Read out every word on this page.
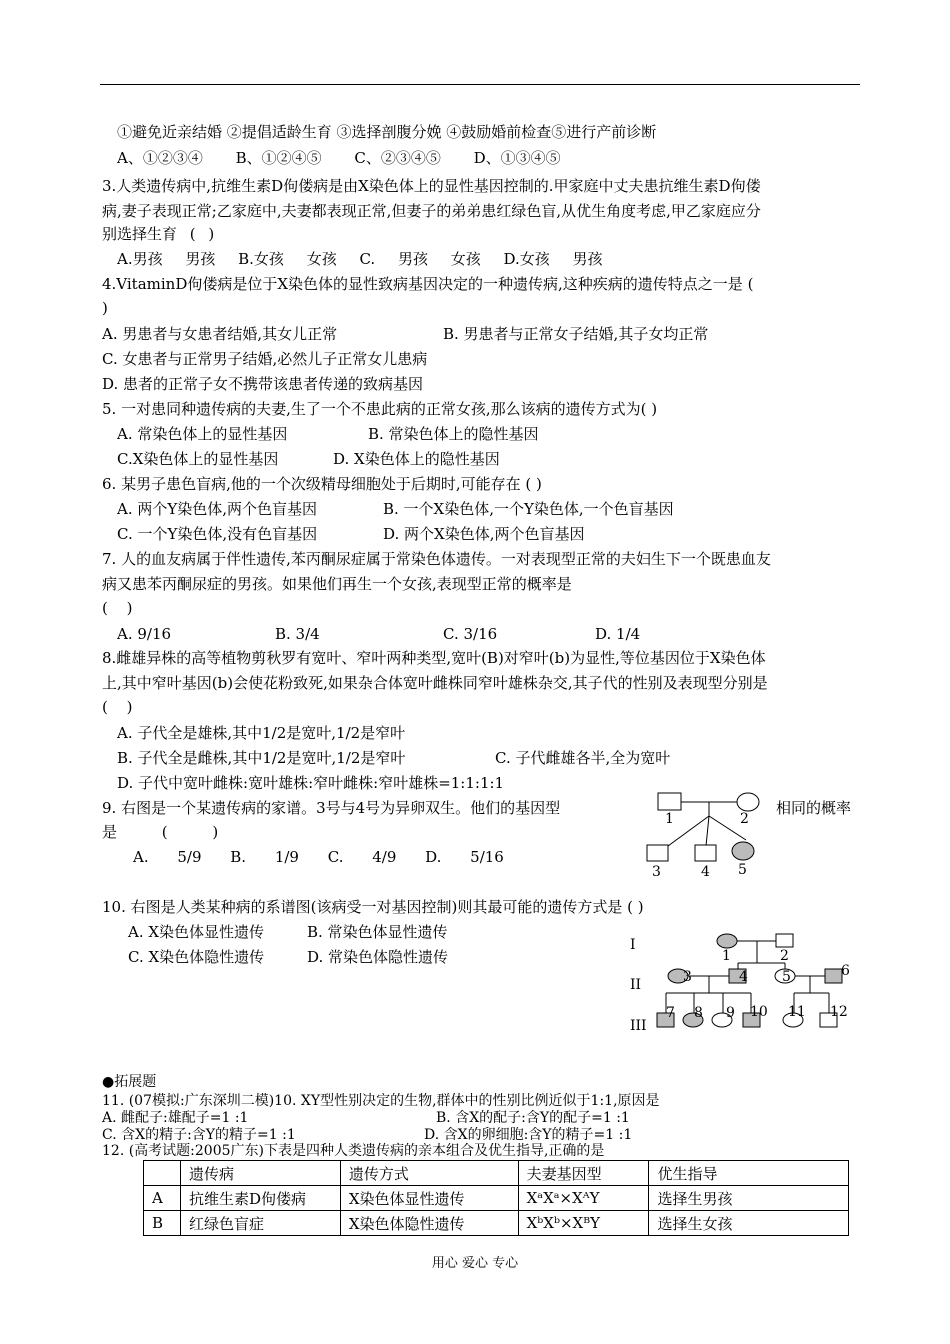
①避免近亲结婚 ②提倡适龄生育 ③选择剖腹分娩 ④鼓励婚前检查⑤进行产前诊断
A、①②③④ B、①②④⑤ C、②③④⑤ D、①③④⑤
3.人类遗传病中,抗维生素D佝偻病是由X染色体上的显性基因控制的.甲家庭中丈夫患抗维生素D佝偻
病,妻子表现正常;乙家庭中,夫妻都表现正常,但妻子的弟弟患红绿色盲,从优生角度考虑,甲乙家庭应分
别选择生育 ( )
A.男孩 男孩 B.女孩 女孩 C. 男孩 女孩 D.女孩 男孩
4.VitaminD佝偻病是位于X染色体的显性致病基因决定的一种遗传病,这种疾病的遗传特点之一是 (
)
A. 男患者与女患者结婚,其女儿正常	B. 男患者与正常女子结婚,其子女均正常
C. 女患者与正常男子结婚,必然儿子正常女儿患病
D. 患者的正常子女不携带该患者传递的致病基因
5. 一对患同种遗传病的夫妻,生了一个不患此病的正常女孩,那么该病的遗传方式为( )
A. 常染色体上的显性基因	B. 常染色体上的隐性基因
C.X染色体上的显性基因	D. X染色体上的隐性基因
6. 某男子患色盲病,他的一个次级精母细胞处于后期时,可能存在 ( )
A. 两个Y染色体,两个色盲基因	B. 一个X染色体,一个Y染色体,一个色盲基因
C. 一个Y染色体,没有色盲基因	D. 两个X染色体,两个色盲基因
7. 人的血友病属于伴性遗传,苯丙酮尿症属于常染色体遗传。一对表现型正常的夫妇生下一个既患血友
病又患苯丙酮尿症的男孩。如果他们再生一个女孩,表现型正常的概率是
( )
A. 9/16	B. 3/4	C. 3/16	D. 1/4
8.雌雄异株的高等植物剪秋罗有宽叶、窄叶两种类型,宽叶(B)对窄叶(b)为显性,等位基因位于X染色体
上,其中窄叶基因(b)会使花粉致死,如果杂合体宽叶雌株同窄叶雄株杂交,其子代的性别及表现型分别是
( )
A. 子代全是雄株,其中1/2是宽叶,1/2是窄叶
B. 子代全是雌株,其中1/2是宽叶,1/2是窄叶	C. 子代雌雄各半,全为宽叶
D. 子代中宽叶雌株:宽叶雄株:窄叶雌株:窄叶雄株=1:1:1:1
9. 右图是一个某遗传病的家谱。3号与4号为异卵双生。他们的基因型	相同的概率
是 ( )
A. 5/9 B. 1/9 C. 4/9 D. 5/16
1	2
3	4 5
10. 右图是人类某种病的系谱图(该病受一对基因控制)则其最可能的遗传方式是 ( )
A. X染色体显性遗传	B. 常染色体显性遗传
C. X染色体隐性遗传	D. 常染色体隐性遗传
I
II
III
1	2
3	4 5	6
7 8 9 10 11 12
●拓展题
11. (07模拟:广东深圳二模)10. XY型性别决定的生物,群体中的性别比例近似于1:1,原因是
A. 雌配子:雄配子=1 :1	B. 含X的配子:含Y的配子=1 :1
C. 含X的精子:含Y的精子=1 :1	D. 含X的卵细胞:含Y的精子=1 :1
12. (高考试题:2005广东)下表是四种人类遗传病的亲本组合及优生指导,正确的是
	遗传病	遗传方式	夫妻基因型	优生指导
A	抗维生素D佝偻病	X染色体显性遗传	XᵃXᵃ×XᴬY	选择生男孩
B	红绿色盲症	X染色体隐性遗传	XᵇXᵇ×XᴮY	选择生女孩
用心 爱心 专心
